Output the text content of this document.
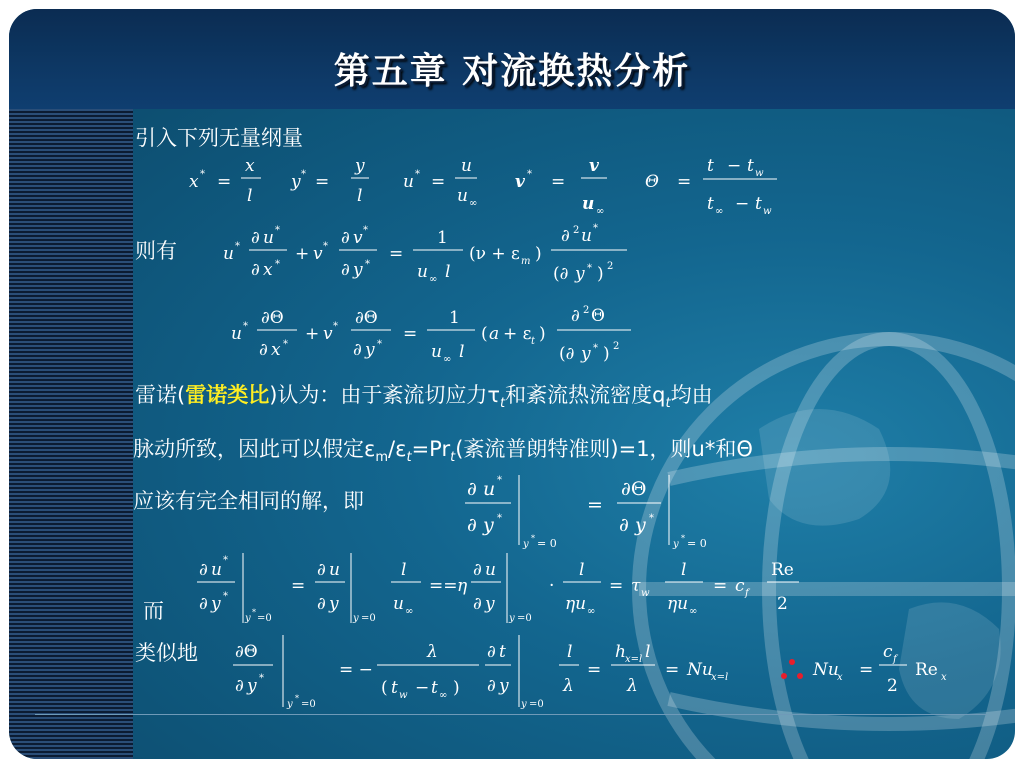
第五章 对流换热分析
引入下列无量纲量
x * =
x
l
y * =
y
l
u * =
u
u ∞
v * =
v
u ∞
Θ =
t − t w
t ∞ − t w
则有	u * ∂ u *
∂ x *
+ v * ∂ v *
∂ y *
=
1
u ∞ l
(ν + ε m )
∂ 2 u *
(∂ y * ) 2
u * ∂Θ
∂ x *
+ v * ∂Θ
∂ y *
=
1
u ∞ l
( a + ε t )
∂ 2 Θ
(∂ y * ) 2
雷诺(雷诺类比)认为：由于紊流切应力$\tau_t$和紊流热流密度$q_t$均由
脉动所致，因此可以假定$\varepsilon_m/\varepsilon_t=Pr_t$(紊流普朗特准则)=1，则u*和Θ
应该有完全相同的解，即	∂ u *
∂ y *
y
* = 0
=
∂Θ
∂ y *
y
* = 0
而
∂ u *
∂ y *
y
*
=0
=
∂ u
∂ y
y =0
l
u ∞
== η
∂ u
∂ y
y =0
·
l
ηu ∞
= τ w
l
ηu ∞
= c f
Re
2
类似地 ∂Θ
∂ y *
y
*
=0
= −
λ
( t w − t ∞ )
∂ t
∂ y
y =0
l
λ
=
h x=l l
λ
= Nu
x=l	Nu
x =
c f
2
Re x
